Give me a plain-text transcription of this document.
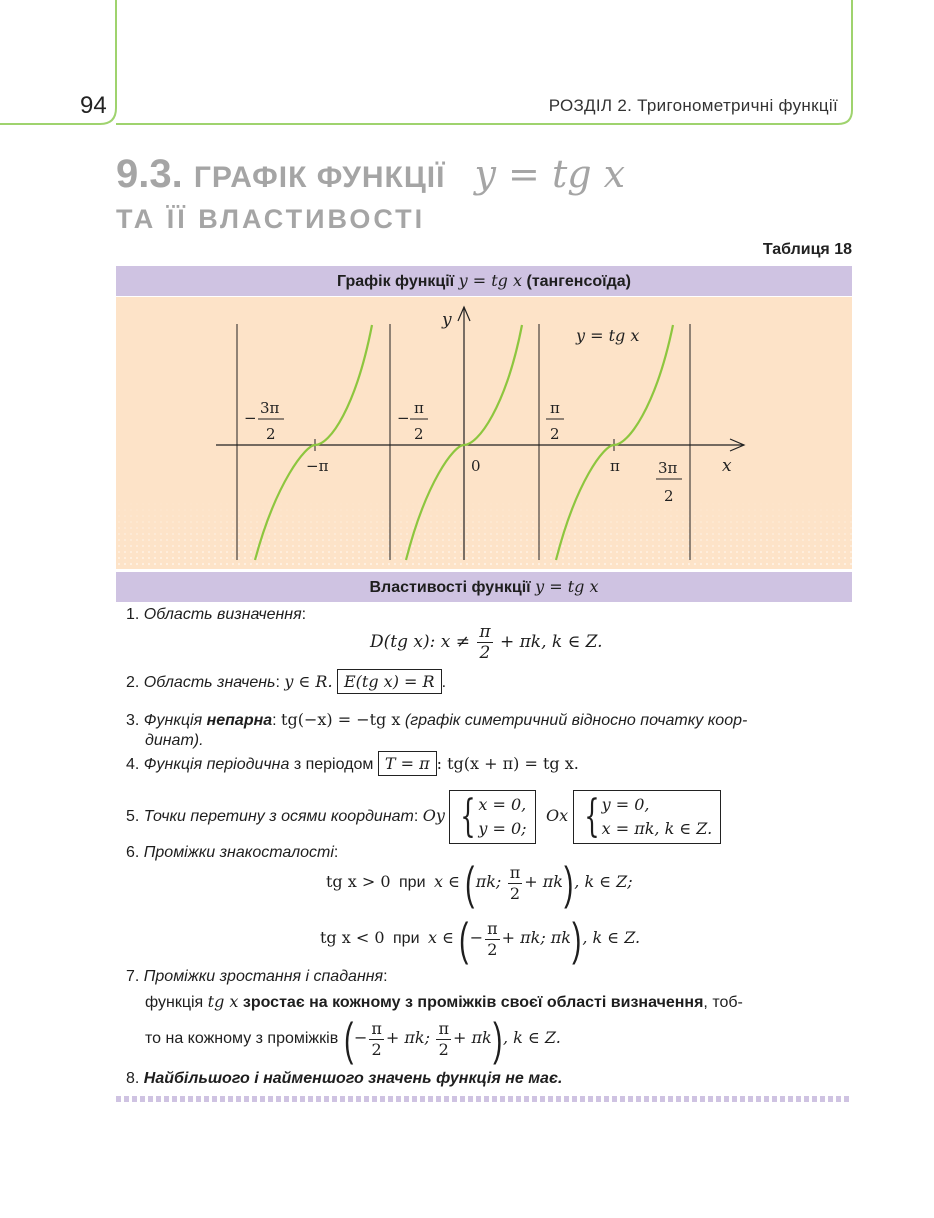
94	РОЗДІЛ 2. Тригонометричні функції
9.3. ГРАФІК ФУНКЦІЇ y = tg x
ТА ЇЇ ВЛАСТИВОСТІ
Таблиця 18
Графік функції y = tg x (тангенсоїда)
y
x
y = tg x
0
−π	π
−
3π
2
−
π
2
π
2
3π
2
Властивості функції y = tg x
1. Область визначення:
D(tg x): $x \ne \frac{\pi}{2} + \pi k$, k ∈ Z.
2. Область значень: y ∈ R. E(tg x) = R .
3. Функція непарна: tg(−x) = −tg x (графік симетричний відносно початку коор-
динат).
4. Функція періодична з періодом T = π : tg(x + π) = tg x.
5. Точки перетину з осями координат: Oy { x = 0,
y = 0; Ox { y = 0,
x = πk, k ∈ Z.
6. Проміжки знакосталості:
tg x > 0 при x ∈ (πk; $\frac{\pi}{2} + \pi k$), k ∈ Z;
tg x < 0 при x ∈ (− $\frac{\pi}{2} + \pi k$; πk), k ∈ Z.
7. Проміжки зростання і спадання:
функція tg x зростає на кожному з проміжків своєї області визначення, тоб-
то на кожному з проміжків (− $\frac{\pi}{2} + \pi k$; $\frac{\pi}{2} + \pi k$), k ∈ Z.
8. Найбільшого і найменшого значень функція не має.
